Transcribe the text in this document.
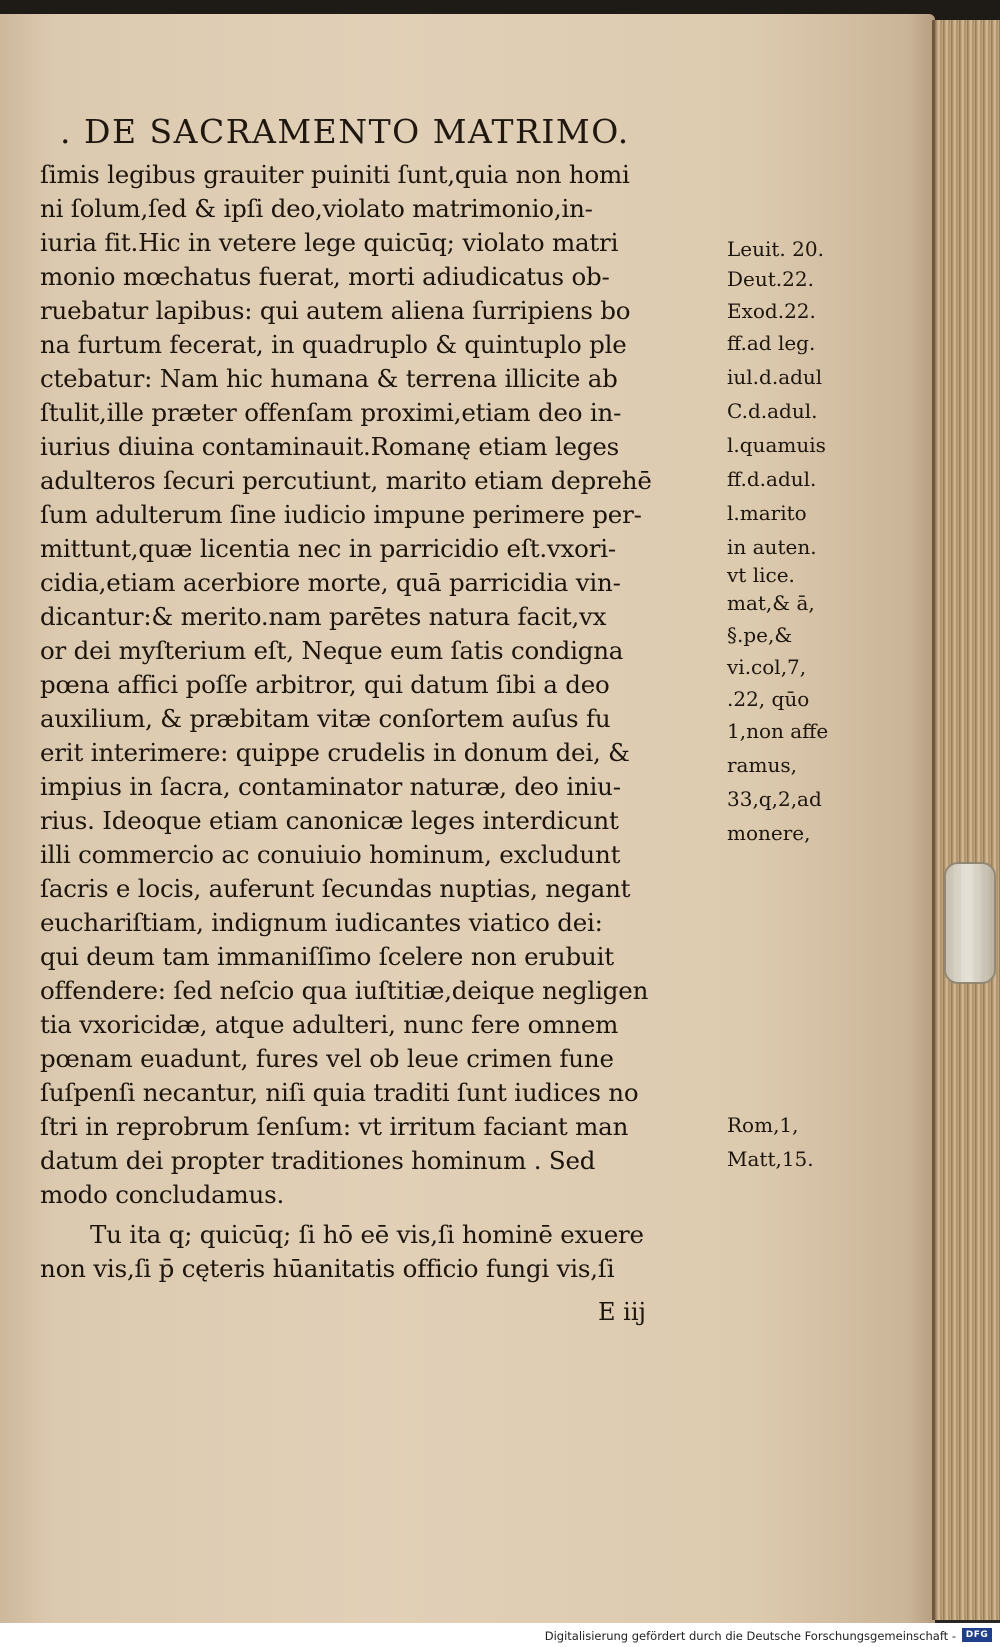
. DE SACRAMENTO MATRIMO.
ſimis legibus grauiter puiniti ſunt,quia non homi
ni ſolum,ſed & ipſi deo,violato matrimonio,in-
iuria fit.Hic in vetere lege quicūq; violato matri
monio mœchatus fuerat, morti adiudicatus ob-
ruebatur lapibus: qui autem aliena ſurripiens bo
na furtum fecerat, in quadruplo & quintuplo ple
ctebatur: Nam hic humana & terrena illicite ab
ſtulit,ille præter offenſam proximi,etiam deo in-
iurius diuina contaminauit.Romanę etiam leges
adulteros ſecuri percutiunt, marito etiam deprehē
ſum adulterum ſine iudicio impune perimere per-
mittunt,quæ licentia nec in parricidio eſt.vxori-
cidia,etiam acerbiore morte, quā parricidia vin-
dicantur:& merito.nam parētes natura facit,vx
or dei myſterium eſt, Neque eum ſatis condigna
pœna affici poſſe arbitror, qui datum ſibi a deo
auxilium, & præbitam vitæ conſortem auſus fu
erit interimere: quippe crudelis in donum dei, &
impius in ſacra, contaminator naturæ, deo iniu-
rius. Ideoque etiam canonicæ leges interdicunt
illi commercio ac conuiuio hominum, excludunt
ſacris e locis, auferunt ſecundas nuptias, negant
euchariſtiam, indignum iudicantes viatico dei:
qui deum tam immaniſſimo ſcelere non erubuit
offendere: ſed neſcio qua iuſtitiæ,deique negligen
tia vxoricidæ, atque adulteri, nunc fere omnem
pœnam euadunt, fures vel ob leue crimen fune
ſuſpenſi necantur, niſi quia traditi ſunt iudices no
ſtri in reprobrum ſenſum: vt irritum faciant man
datum dei propter traditiones hominum . Sed
modo concludamus.
Tu ita q; quicūq; ſi hō eē vis,ſi hominē exuere
non vis,ſi p̄ cęteris hūanitatis officio fungi vis,ſi
Leuit. 20.
Deut.22.
Exod.22.
ff.ad leg.
iul.d.adul
C.d.adul.
l.quamuis
ff.d.adul.
l.marito
in auten.
vt lice.
mat,& ā,
§.pe,&
vi.col,7,
.22, qūo
1,non affe
ramus,
33,q,2,ad
monere,
Rom,1,
Matt,15.
E iij
Digitalisierung gefördert durch die Deutsche Forschungsgemeinschaft -	DFG
